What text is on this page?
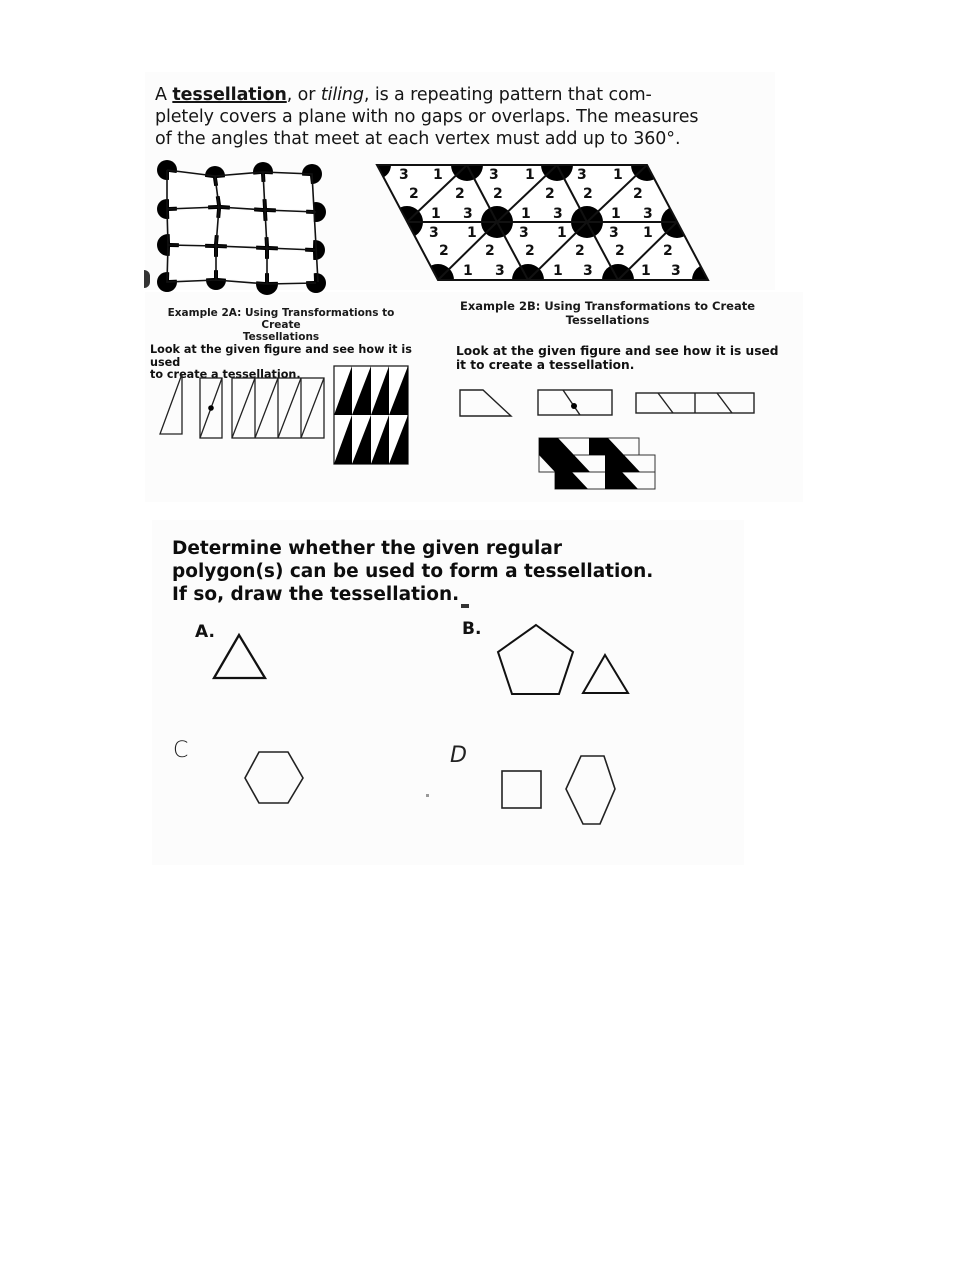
A tessellation, or tiling, is a repeating pattern that com-
pletely covers a plane with no gaps or overlaps. The measures
of the angles that meet at each vertex must add up to 360°.
3 1	3 1	3 1
2	2 2	2 2	2
1 3	1 3	1 3
3 1	3 1	3 1
2	2 2	2 2	2
1 3	1 3	1 3
Example 2A: Using Transformations to Create
Tessellations
Look at the given figure and see how it is used
to create a tessellation.
Example 2B: Using Transformations to Create
Tessellations
Look at the given figure and see how it is used
it to create a tessellation.
Determine whether the given regular
polygon(s) can be used to form a tessellation.
If so, draw the tessellation.
A.	B.
C	D
